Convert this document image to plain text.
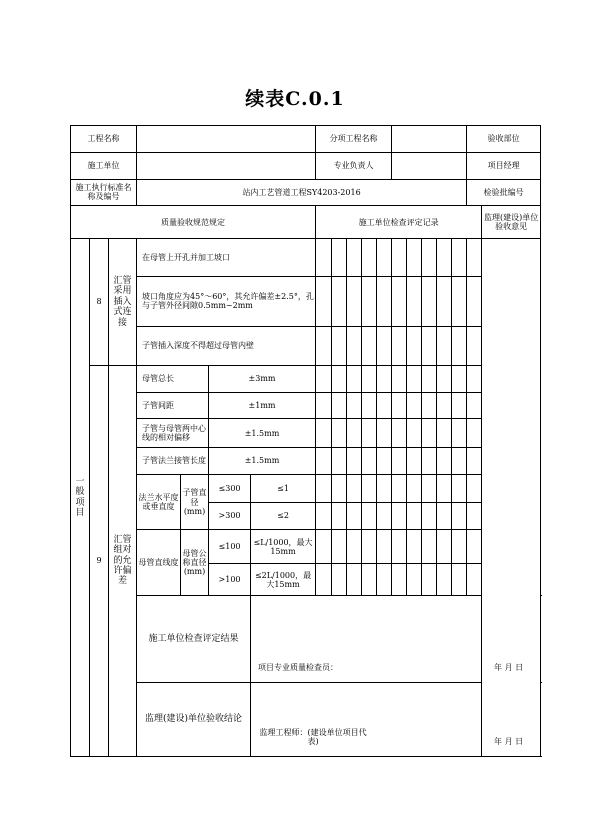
续表C.0.1
工程名称							分项工程名称										验收部位		
施工单位							专业负责人										项目经理		
施工执行标准名称及编号			站内工艺管道工程SY4203-2016														检验批编号		
质量验收规范规定							施工单位检查评定记录											监理(建设)单位验收意见	
一般项目	8	汇管采用插入式连接	在母管上开孔并加工坡口																
			坡口角度应为45°～60°，其允许偏差±2.5°，孔与子管外径间隙0.5mm~2mm																
			子管插入深度不得超过母管内壁																
	9	汇管组对的允许偏差	母管总长		±3mm														
			子管间距		±1mm														
			子管与母管两中心线的相对偏移		±1.5mm														
			子管法兰接管长度		±1.5mm														
			法兰水平度或垂直度	子管直径(mm)	≤300	≤1													
					>300	≤2													
			母管直线度	母管公称直径(mm)	≤100	≤L/1000，最大15mm													
					>100	≤2L/1000，最大15mm													
			施工单位检查评定结果			项目专业质量检查员： 年 月 日													

			监理(建设)单位验收结论			监理工程师：(建设单位项目代表) 年 月 日													
